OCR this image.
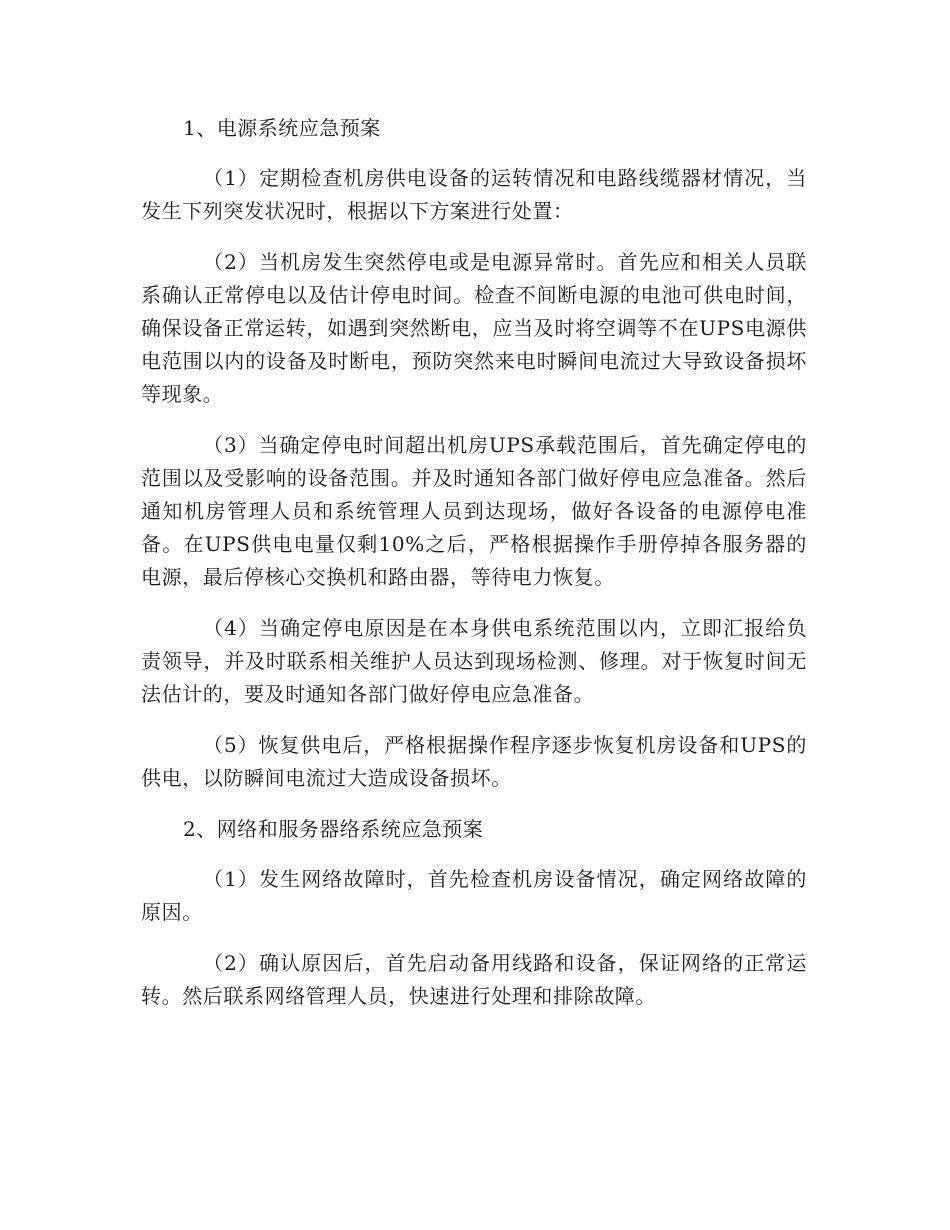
1、电源系统应急预案

（1）定期检查机房供电设备的运转情况和电路线缆器材情况，当发生下列突发状况时，根据以下方案进行处置：

（2）当机房发生突然停电或是电源异常时。首先应和相关人员联系确认正常停电以及估计停电时间。检查不间断电源的电池可供电时间，确保设备正常运转，如遇到突然断电，应当及时将空调等不在UPS电源供电范围以内的设备及时断电，预防突然来电时瞬间电流过大导致设备损坏等现象。

（3）当确定停电时间超出机房UPS承载范围后，首先确定停电的范围以及受影响的设备范围。并及时通知各部门做好停电应急准备。然后通知机房管理人员和系统管理人员到达现场，做好各设备的电源停电准备。在UPS供电电量仅剩10%之后，严格根据操作手册停掉各服务器的电源，最后停核心交换机和路由器，等待电力恢复。

（4）当确定停电原因是在本身供电系统范围以内，立即汇报给负责领导，并及时联系相关维护人员达到现场检测、修理。对于恢复时间无法估计的，要及时通知各部门做好停电应急准备。

（5）恢复供电后，严格根据操作程序逐步恢复机房设备和UPS的供电，以防瞬间电流过大造成设备损坏。

2、网络和服务器络系统应急预案

（1）发生网络故障时，首先检查机房设备情况，确定网络故障的原因。

（2）确认原因后，首先启动备用线路和设备，保证网络的正常运转。然后联系网络管理人员，快速进行处理和排除故障。
